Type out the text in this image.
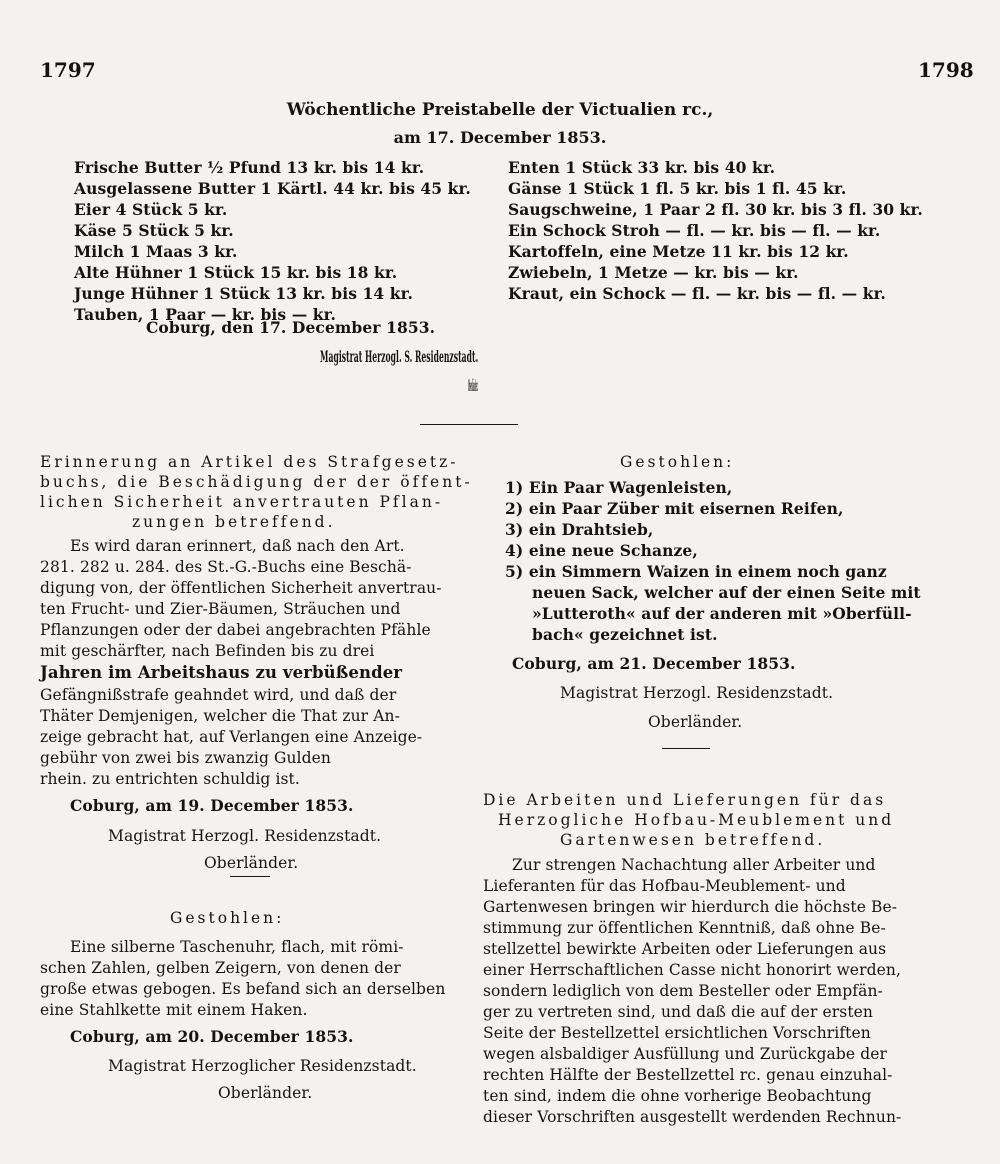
1797	1798
Wöchentliche Preistabelle der Victualien rc.,
am 17. December 1853.
Frische Butter ½ Pfund 13 kr. bis 14 kr.
Ausgelassene Butter 1 Kärtl. 44 kr. bis 45 kr.
Eier 4 Stück 5 kr.
Käse 5 Stück 5 kr.
Milch 1 Maas 3 kr.
Alte Hühner 1 Stück 15 kr. bis 18 kr.
Junge Hühner 1 Stück 13 kr. bis 14 kr.
Tauben, 1 Paar — kr. bis — kr.
Enten 1 Stück 33 kr. bis 40 kr.
Gänse 1 Stück 1 fl. 5 kr. bis 1 fl. 45 kr.
Saugschweine, 1 Paar 2 fl. 30 kr. bis 3 fl. 30 kr.
Ein Schock Stroh — fl. — kr. bis — fl. — kr.
Kartoffeln, eine Metze 11 kr. bis 12 kr.
Zwiebeln, 1 Metze — kr. bis — kr.
Kraut, ein Schock — fl. — kr. bis — fl. — kr.
Coburg, den 17. December 1853.
Magistrat Herzogl. S. Residenzstadt.
Oberländer.
Erinnerung an Artikel des Strafgesetz-
buchs, die Beschädigung der der öffent-
lichen Sicherheit anvertrauten Pflan-
zungen betreffend.
Es wird daran erinnert, daß nach den Art.
281. 282 u. 284. des St.-G.-Buchs eine Beschä-
digung von, der öffentlichen Sicherheit anvertrau-
ten Frucht- und Zier-Bäumen, Sträuchen und
Pflanzungen oder der dabei angebrachten Pfähle
mit geschärfter, nach Befinden bis zu drei
Jahren im Arbeitshaus zu verbüßender
Gefängnißstrafe geahndet wird, und daß der
Thäter Demjenigen, welcher die That zur An-
zeige gebracht hat, auf Verlangen eine Anzeige-
gebühr von zwei bis zwanzig Gulden
rhein. zu entrichten schuldig ist.
Coburg, am 19. December 1853.
Magistrat Herzogl. Residenzstadt.
Oberländer.
Gestohlen:
Eine silberne Taschenuhr, flach, mit römi-
schen Zahlen, gelben Zeigern, von denen der
große etwas gebogen. Es befand sich an derselben
eine Stahlkette mit einem Haken.
Coburg, am 20. December 1853.
Magistrat Herzoglicher Residenzstadt.
Oberländer.
Gestohlen:
1) Ein Paar Wagenleisten,
2) ein Paar Züber mit eisernen Reifen,
3) ein Drahtsieb,
4) eine neue Schanze,
5) ein Simmern Waizen in einem noch ganz
neuen Sack, welcher auf der einen Seite mit
»Lutteroth« auf der anderen mit »Oberfüll-
bach« gezeichnet ist.
Coburg, am 21. December 1853.
Magistrat Herzogl. Residenzstadt.
Oberländer.
Die Arbeiten und Lieferungen für das
Herzogliche Hofbau-Meublement und
Gartenwesen betreffend.
Zur strengen Nachachtung aller Arbeiter und
Lieferanten für das Hofbau-Meublement- und
Gartenwesen bringen wir hierdurch die höchste Be-
stimmung zur öffentlichen Kenntniß, daß ohne Be-
stellzettel bewirkte Arbeiten oder Lieferungen aus
einer Herrschaftlichen Casse nicht honorirt werden,
sondern lediglich von dem Besteller oder Empfän-
ger zu vertreten sind, und daß die auf der ersten
Seite der Bestellzettel ersichtlichen Vorschriften
wegen alsbaldiger Ausfüllung und Zurückgabe der
rechten Hälfte der Bestellzettel rc. genau einzuhal-
ten sind, indem die ohne vorherige Beobachtung
dieser Vorschriften ausgestellt werdenden Rechnun-
